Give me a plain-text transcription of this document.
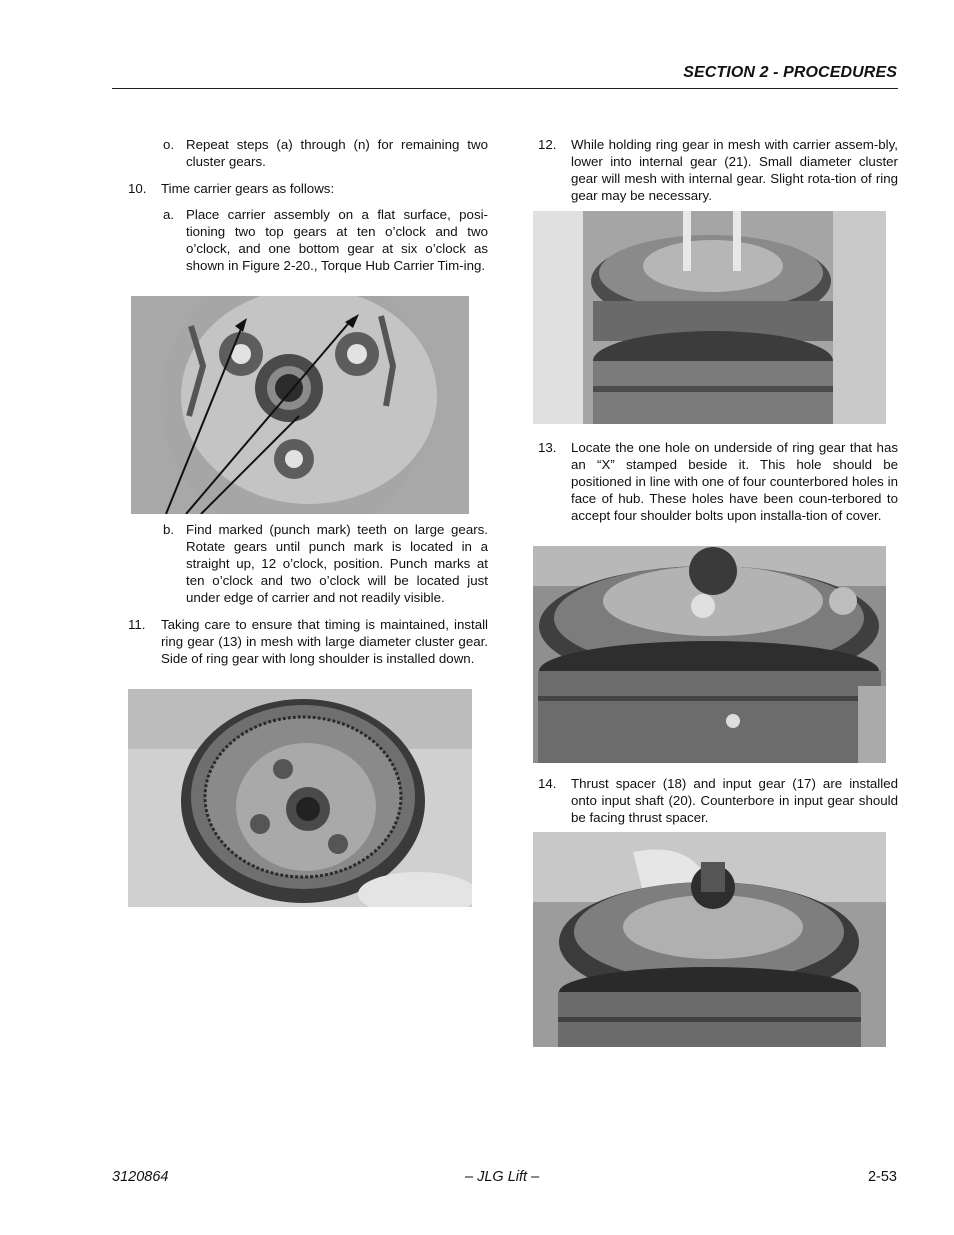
SECTION 2 - PROCEDURES
o. Repeat steps (a) through (n) for remaining two cluster gears.
10.	Time carrier gears as follows:
a. Place carrier assembly on a flat surface, posi-tioning two top gears at ten o’clock and two o’clock, and one bottom gear at six o’clock as shown in Figure 2-20., Torque Hub Carrier Tim-ing.
b. Find marked (punch mark) teeth on large gears. Rotate gears until punch mark is located in a straight up, 12 o’clock, position. Punch marks at ten o’clock and two o’clock will be located just under edge of carrier and not readily visible.
11.	Taking care to ensure that timing is maintained, install ring gear (13) in mesh with large diameter cluster gear. Side of ring gear with long shoulder is installed down.
12.	While holding ring gear in mesh with carrier assem-bly, lower into internal gear (21). Small diameter cluster gear will mesh with internal gear. Slight rota-tion of ring gear may be necessary.
13.	Locate the one hole on underside of ring gear that has an “X” stamped beside it. This hole should be positioned in line with one of four counterbored holes in face of hub. These holes have been coun-terbored to accept four shoulder bolts upon installa-tion of cover.
14.	Thrust spacer (18) and input gear (17) are installed onto input shaft (20). Counterbore in input gear should be facing thrust spacer.
3120864	– JLG Lift –	2-53
